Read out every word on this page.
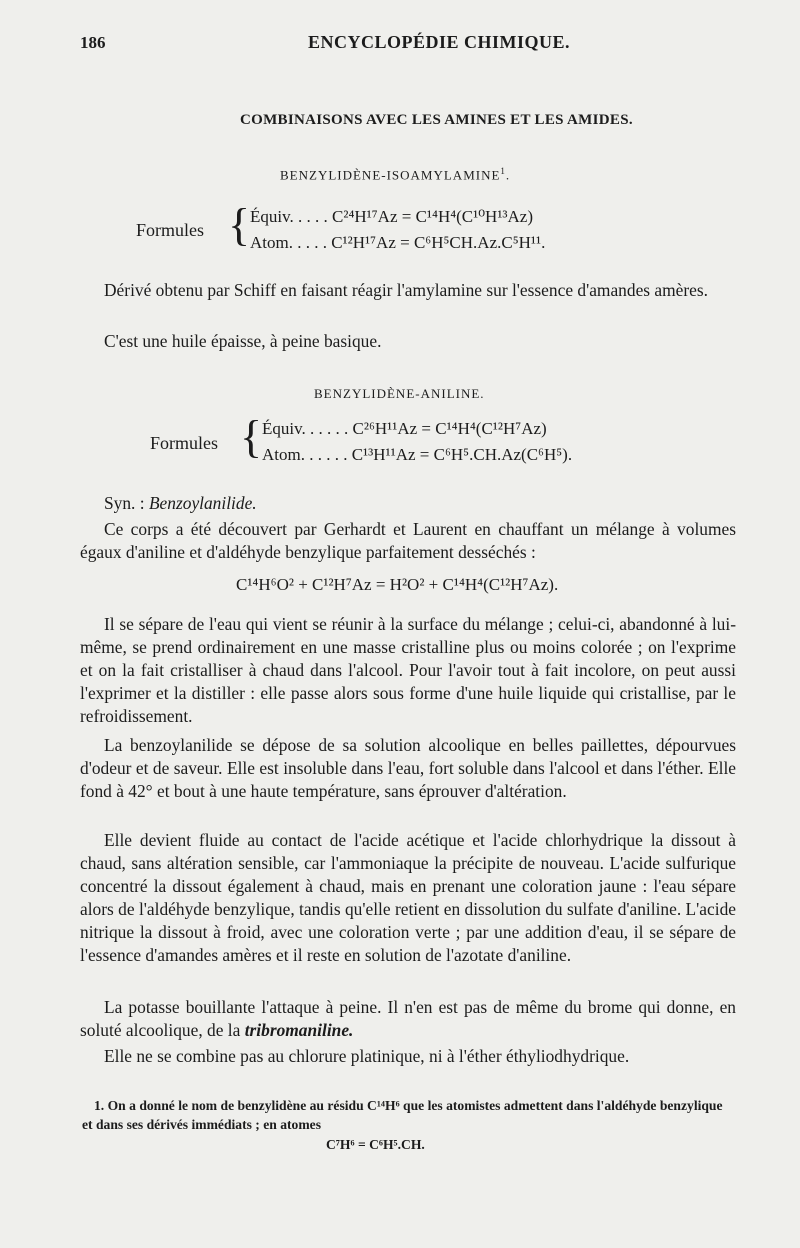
186	ENCYCLOPÉDIE CHIMIQUE.
COMBINAISONS AVEC LES AMINES ET LES AMIDES.
BENZYLIDÈNE-ISOAMYLAMINE$^1$.
Formules { Équiv. . . . . C²⁴H¹⁷Az = C¹⁴H⁴(C¹⁰H¹³Az)
Atom. . . . . C¹²H¹⁷Az = C⁶H⁵CH.Az.C⁵H¹¹.

Dérivé obtenu par Schiff en faisant réagir l'amylamine sur l'essence d'amandes amères.

C'est une huile épaisse, à peine basique.

BENZYLIDÈNE-ANILINE.
Formules { Équiv. . . . . . C²⁶H¹¹Az = C¹⁴H⁴(C¹²H⁷Az)
Atom. . . . . . C¹³H¹¹Az = C⁶H⁵.CH.Az(C⁶H⁵).

Syn. : Benzoylanilide.

Ce corps a été découvert par Gerhardt et Laurent en chauffant un mélange à volumes égaux d'aniline et d'aldéhyde benzylique parfaitement desséchés :

C¹⁴H⁶O² + C¹²H⁷Az = H²O² + C¹⁴H⁴(C¹²H⁷Az).

Il se sépare de l'eau qui vient se réunir à la surface du mélange ; celui-ci, abandonné à lui-même, se prend ordinairement en une masse cristalline plus ou moins colorée ; on l'exprime et on la fait cristalliser à chaud dans l'alcool. Pour l'avoir tout à fait incolore, on peut aussi l'exprimer et la distiller : elle passe alors sous forme d'une huile liquide qui cristallise, par le refroidissement.

La benzoylanilide se dépose de sa solution alcoolique en belles paillettes, dépourvues d'odeur et de saveur. Elle est insoluble dans l'eau, fort soluble dans l'alcool et dans l'éther. Elle fond à 42° et bout à une haute température, sans éprouver d'altération.

Elle devient fluide au contact de l'acide acétique et l'acide chlorhydrique la dissout à chaud, sans altération sensible, car l'ammoniaque la précipite de nouveau. L'acide sulfurique concentré la dissout également à chaud, mais en prenant une coloration jaune : l'eau sépare alors de l'aldéhyde benzylique, tandis qu'elle retient en dissolution du sulfate d'aniline. L'acide nitrique la dissout à froid, avec une coloration verte ; par une addition d'eau, il se sépare de l'essence d'amandes amères et il reste en solution de l'azotate d'aniline.

La potasse bouillante l'attaque à peine. Il n'en est pas de même du brome qui donne, en soluté alcoolique, de la tribromaniline.

Elle ne se combine pas au chlorure platinique, ni à l'éther éthyliodhydrique.

1. On a donné le nom de benzylidène au résidu C¹⁴H⁶ que les atomistes admettent dans l'aldéhyde benzylique et dans ses dérivés immédiats ; en atomes

C⁷H⁶ = C⁶H⁵.CH.
